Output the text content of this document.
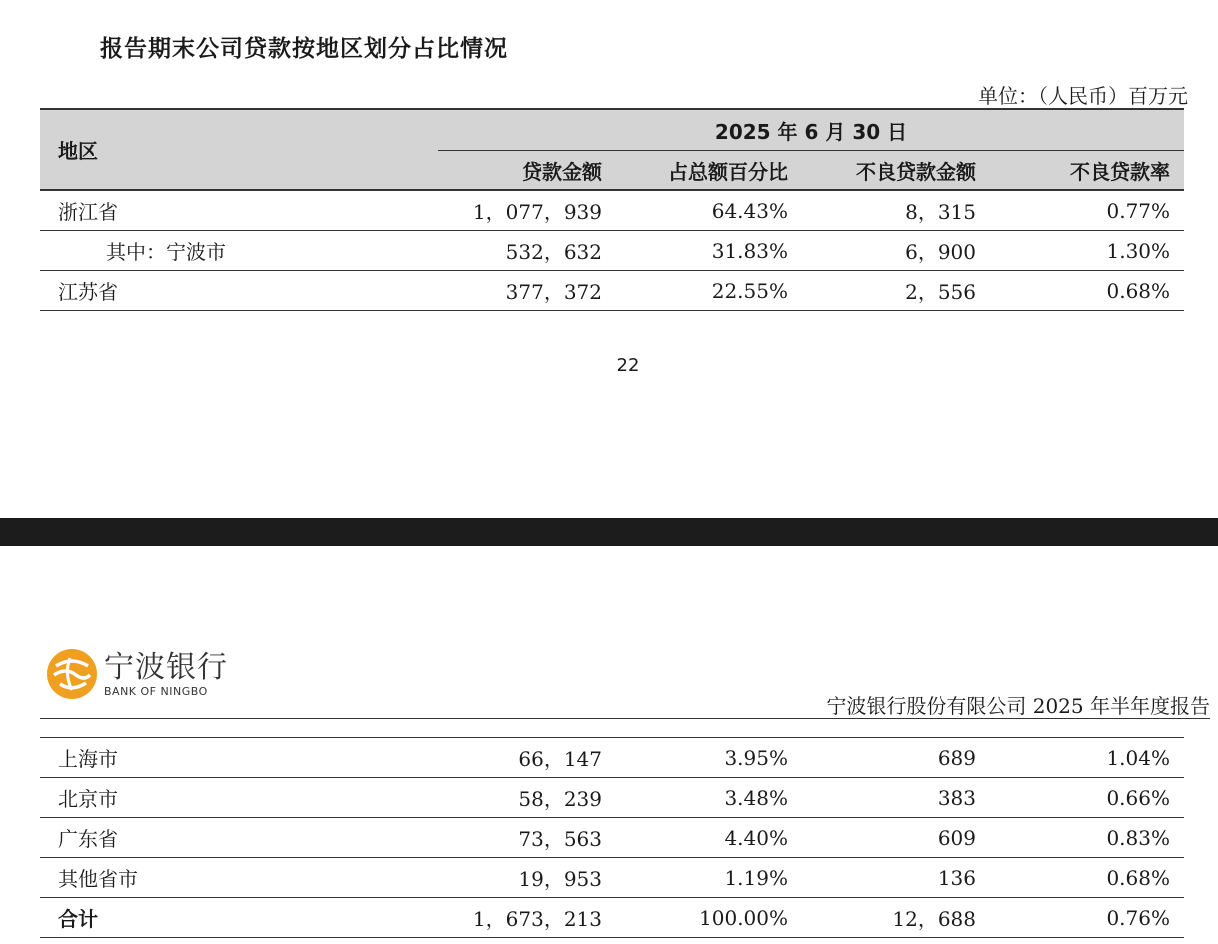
报告期末公司贷款按地区划分占比情况
单位：（人民币）百万元
地区	2025 年 6 月 30 日			
	贷款金额	占总额百分比	不良贷款金额	不良贷款率
浙江省	1，077，939	64.43%	8，315	0.77%
其中：宁波市	532，632	31.83%	6，900	1.30%
江苏省	377，372	22.55%	2，556	0.68%
22
宁波银行
BANK OF NINGBO
宁波银行股份有限公司 2025 年半年度报告
上海市	66，147	3.95%	689	1.04%
北京市	58，239	3.48%	383	0.66%
广东省	73，563	4.40%	609	0.83%
其他省市	19，953	1.19%	136	0.68%
合计	1，673，213	100.00%	12，688	0.76%
